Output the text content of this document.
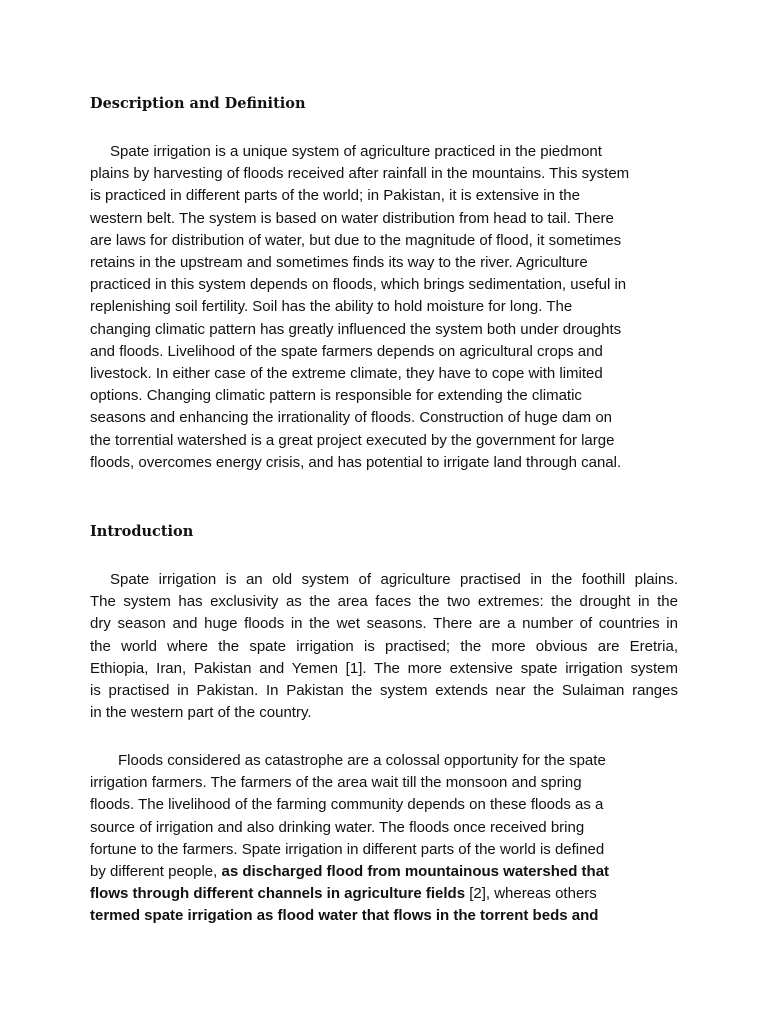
Description and Definition
Spate irrigation is a unique system of agriculture practiced in the piedmont
plains by harvesting of floods received after rainfall in the mountains. This system
is practiced in different parts of the world; in Pakistan, it is extensive in the
western belt. The system is based on water distribution from head to tail. There
are laws for distribution of water, but due to the magnitude of flood, it sometimes
retains in the upstream and sometimes finds its way to the river. Agriculture
practiced in this system depends on floods, which brings sedimentation, useful in
replenishing soil fertility. Soil has the ability to hold moisture for long. The
changing climatic pattern has greatly influenced the system both under droughts
and floods. Livelihood of the spate farmers depends on agricultural crops and
livestock. In either case of the extreme climate, they have to cope with limited
options. Changing climatic pattern is responsible for extending the climatic
seasons and enhancing the irrationality of floods. Construction of huge dam on
the torrential watershed is a great project executed by the government for large
floods, overcomes energy crisis, and has potential to irrigate land through canal.
Introduction
Spate irrigation is an old system of agriculture practised in the foothill plains.
The system has exclusivity as the area faces the two extremes: the drought in the
dry season and huge floods in the wet seasons. There are a number of countries in
the world where the spate irrigation is practised; the more obvious are Eretria,
Ethiopia, Iran, Pakistan and Yemen [1]. The more extensive spate irrigation system
is practised in Pakistan. In Pakistan the system extends near the Sulaiman ranges
in the western part of the country.
Floods considered as catastrophe are a colossal opportunity for the spate
irrigation farmers. The farmers of the area wait till the monsoon and spring
floods. The livelihood of the farming community depends on these floods as a
source of irrigation and also drinking water. The floods once received bring
fortune to the farmers. Spate irrigation in different parts of the world is defined
by different people, as discharged flood from mountainous watershed that
flows through different channels in agriculture fields [2], whereas others
termed spate irrigation as flood water that flows in the torrent beds and
